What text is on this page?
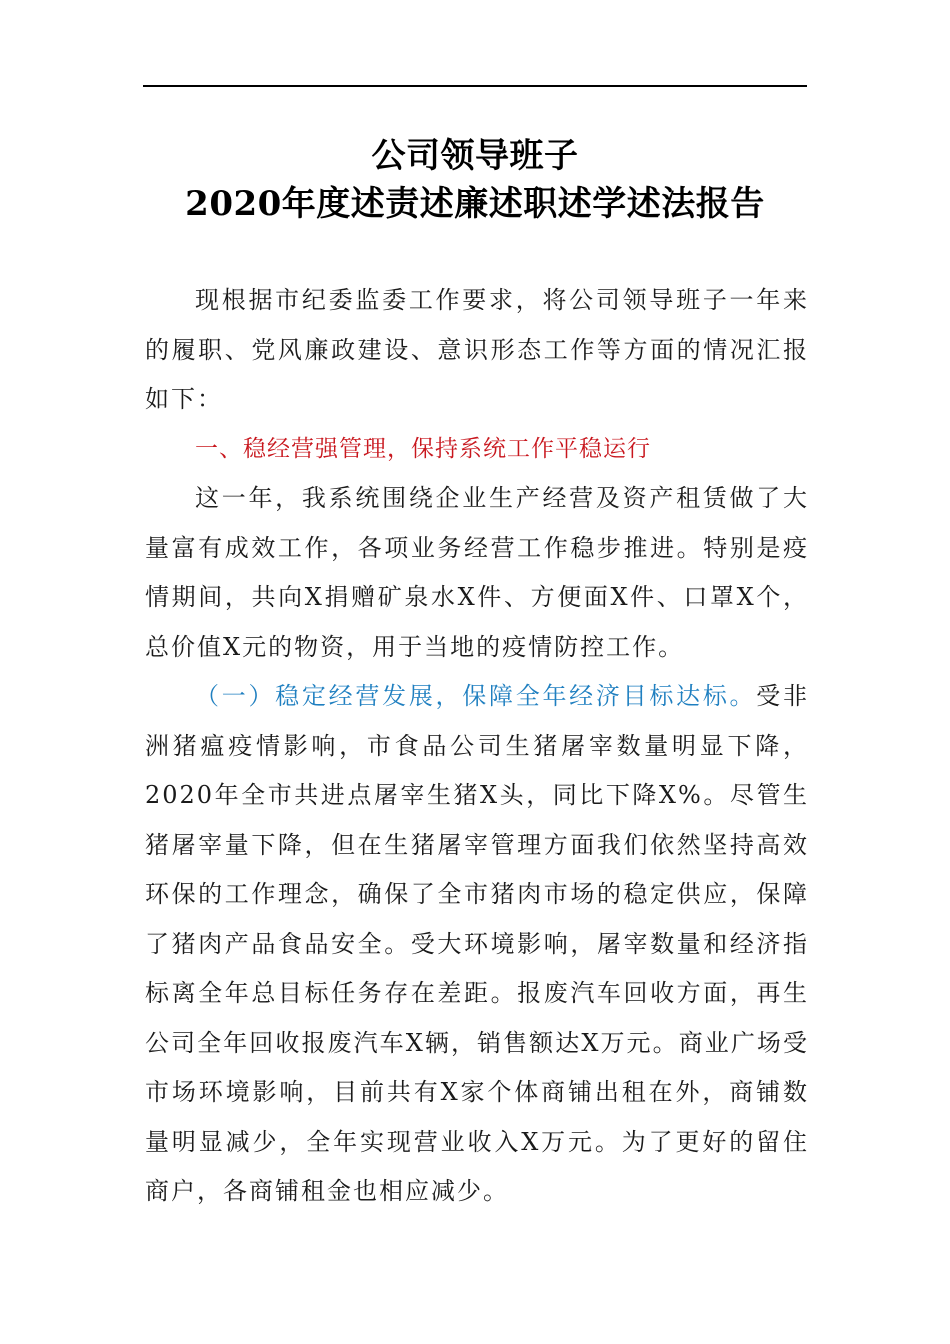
公司领导班子
2020年度述责述廉述职述学述法报告

现根据市纪委监委工作要求，将公司领导班子一年来的履职、党风廉政建设、意识形态工作等方面的情况汇报如下：

一、稳经营强管理，保持系统工作平稳运行

这一年，我系统围绕企业生产经营及资产租赁做了大量富有成效工作，各项业务经营工作稳步推进。特别是疫情期间，共向X捐赠矿泉水X件、方便面X件、口罩X个，总价值X元的物资，用于当地的疫情防控工作。

（一）稳定经营发展，保障全年经济目标达标。受非洲猪瘟疫情影响，市食品公司生猪屠宰数量明显下降，2020年全市共进点屠宰生猪X头，同比下降X%。尽管生猪屠宰量下降，但在生猪屠宰管理方面我们依然坚持高效环保的工作理念，确保了全市猪肉市场的稳定供应，保障了猪肉产品食品安全。受大环境影响，屠宰数量和经济指标离全年总目标任务存在差距。报废汽车回收方面，再生公司全年回收报废汽车X辆，销售额达X万元。商业广场受市场环境影响，目前共有X家个体商铺出租在外，商铺数量明显减少，全年实现营业收入X万元。为了更好的留住商户，各商铺租金也相应减少。
